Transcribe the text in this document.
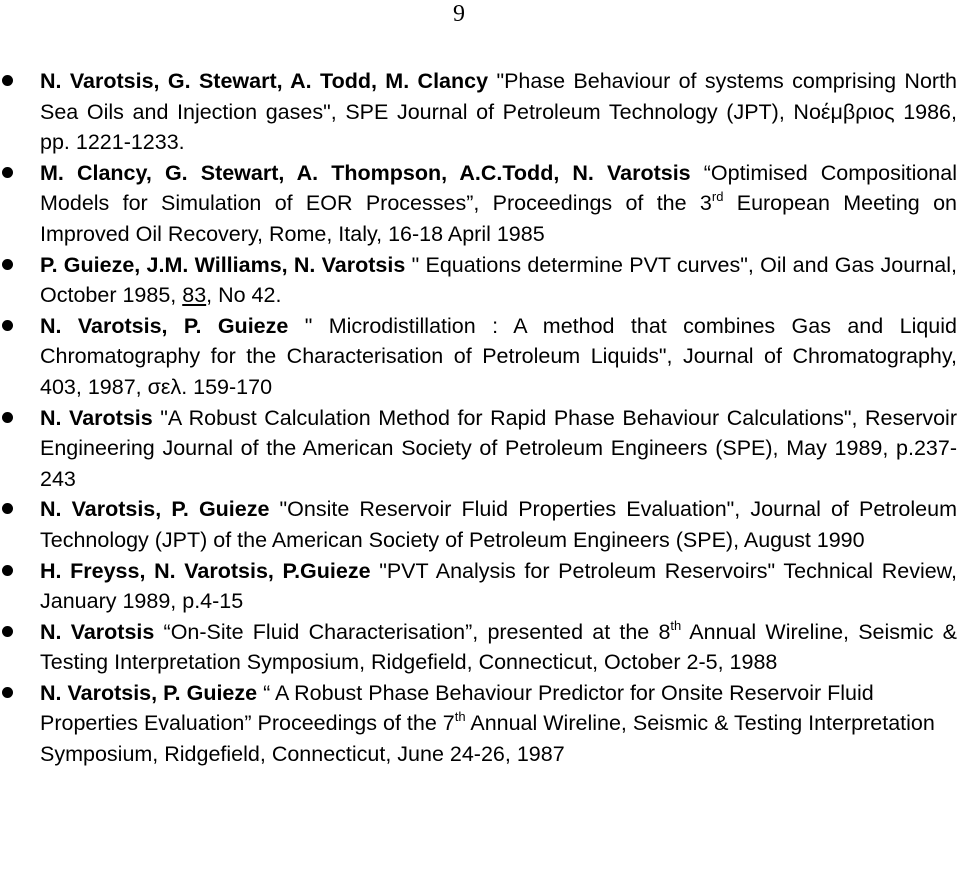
9
N. Varotsis, G. Stewart, A. Todd, M. Clancy "Phase Behaviour of systems comprising North Sea Oils and Injection gases", SPE Journal of Petroleum Technology (JPT), Νοέμβριος 1986, pp. 1221-1233.
M. Clancy, G. Stewart, A. Thompson, A.C.Todd, N. Varotsis “Optimised Compositional Models for Simulation of EOR Processes”, Proceedings of the 3rd European Meeting on Improved Oil Recovery, Rome, Italy, 16-18 April 1985
P. Guieze, J.M. Williams, N. Varotsis " Equations determine PVT curves", Oil and Gas Journal, October 1985, 83, No 42.
N. Varotsis, P. Guieze " Microdistillation : A method that combines Gas and Liquid Chromatography for the Characterisation of Petroleum Liquids", Journal of Chromatography, 403, 1987, σελ. 159-170
N. Varotsis "A Robust Calculation Method for Rapid Phase Behaviour Calculations", Reservoir Engineering Journal of the American Society of Petroleum Engineers (SPE), May 1989, p.237-243
N. Varotsis, P. Guieze "Onsite Reservoir Fluid Properties Evaluation", Journal of Petroleum Technology (JPT) of the American Society of Petroleum Engineers (SPE), August 1990
H. Freyss, N. Varotsis, P.Guieze "PVT Analysis for Petroleum Reservoirs" Technical Review, January 1989, p.4-15
N. Varotsis “On-Site Fluid Characterisation”, presented at the 8th Annual Wireline, Seismic & Testing Interpretation Symposium, Ridgefield, Connecticut, October 2-5, 1988
N. Varotsis, P. Guieze “ A Robust Phase Behaviour Predictor for Onsite Reservoir Fluid Properties Evaluation” Proceedings of the 7th Annual Wireline, Seismic & Testing Interpretation Symposium, Ridgefield, Connecticut, June 24-26, 1987
